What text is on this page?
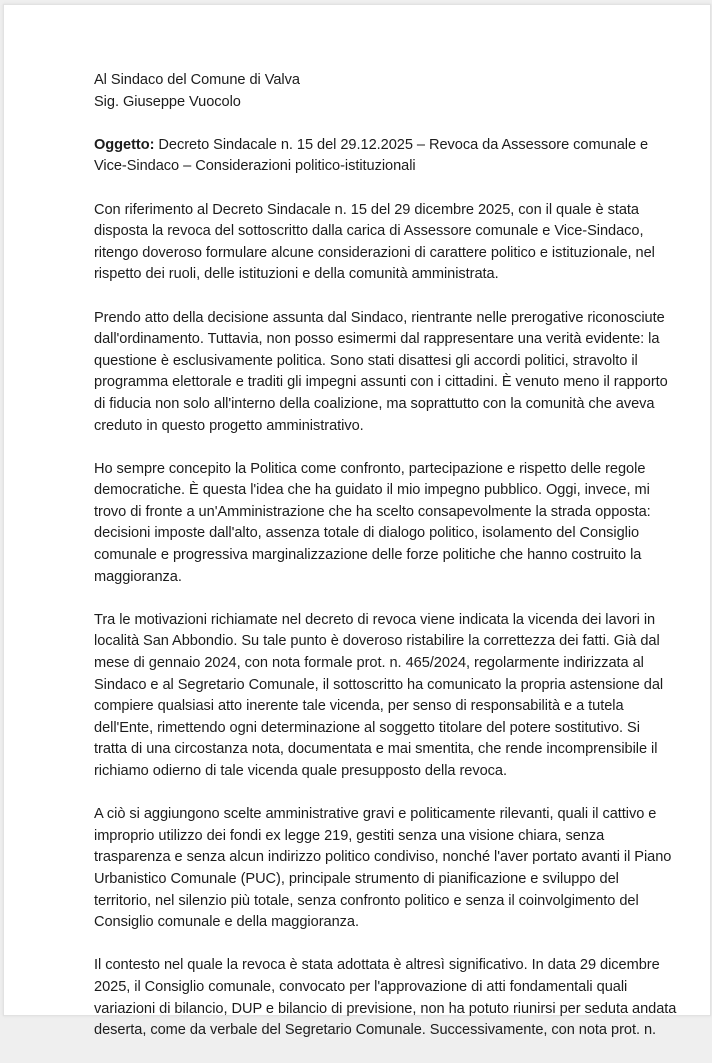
Al Sindaco del Comune di Valva
Sig. Giuseppe Vuocolo
Oggetto: Decreto Sindacale n. 15 del 29.12.2025 – Revoca da Assessore comunale e
Vice-Sindaco – Considerazioni politico-istituzionali
Con riferimento al Decreto Sindacale n. 15 del 29 dicembre 2025, con il quale è stata
disposta la revoca del sottoscritto dalla carica di Assessore comunale e Vice-Sindaco,
ritengo doveroso formulare alcune considerazioni di carattere politico e istituzionale, nel
rispetto dei ruoli, delle istituzioni e della comunità amministrata.
Prendo atto della decisione assunta dal Sindaco, rientrante nelle prerogative riconosciute
dall'ordinamento. Tuttavia, non posso esimermi dal rappresentare una verità evidente: la
questione è esclusivamente politica. Sono stati disattesi gli accordi politici, stravolto il
programma elettorale e traditi gli impegni assunti con i cittadini. È venuto meno il rapporto
di fiducia non solo all'interno della coalizione, ma soprattutto con la comunità che aveva
creduto in questo progetto amministrativo.
Ho sempre concepito la Politica come confronto, partecipazione e rispetto delle regole
democratiche. È questa l'idea che ha guidato il mio impegno pubblico. Oggi, invece, mi
trovo di fronte a un'Amministrazione che ha scelto consapevolmente la strada opposta:
decisioni imposte dall'alto, assenza totale di dialogo politico, isolamento del Consiglio
comunale e progressiva marginalizzazione delle forze politiche che hanno costruito la
maggioranza.
Tra le motivazioni richiamate nel decreto di revoca viene indicata la vicenda dei lavori in
località San Abbondio. Su tale punto è doveroso ristabilire la correttezza dei fatti. Già dal
mese di gennaio 2024, con nota formale prot. n. 465/2024, regolarmente indirizzata al
Sindaco e al Segretario Comunale, il sottoscritto ha comunicato la propria astensione dal
compiere qualsiasi atto inerente tale vicenda, per senso di responsabilità e a tutela
dell'Ente, rimettendo ogni determinazione al soggetto titolare del potere sostitutivo. Si
tratta di una circostanza nota, documentata e mai smentita, che rende incomprensibile il
richiamo odierno di tale vicenda quale presupposto della revoca.
A ciò si aggiungono scelte amministrative gravi e politicamente rilevanti, quali il cattivo e
improprio utilizzo dei fondi ex legge 219, gestiti senza una visione chiara, senza
trasparenza e senza alcun indirizzo politico condiviso, nonché l'aver portato avanti il Piano
Urbanistico Comunale (PUC), principale strumento di pianificazione e sviluppo del
territorio, nel silenzio più totale, senza confronto politico e senza il coinvolgimento del
Consiglio comunale e della maggioranza.
Il contesto nel quale la revoca è stata adottata è altresì significativo. In data 29 dicembre
2025, il Consiglio comunale, convocato per l'approvazione di atti fondamentali quali
variazioni di bilancio, DUP e bilancio di previsione, non ha potuto riunirsi per seduta andata
deserta, come da verbale del Segretario Comunale. Successivamente, con nota prot. n.
